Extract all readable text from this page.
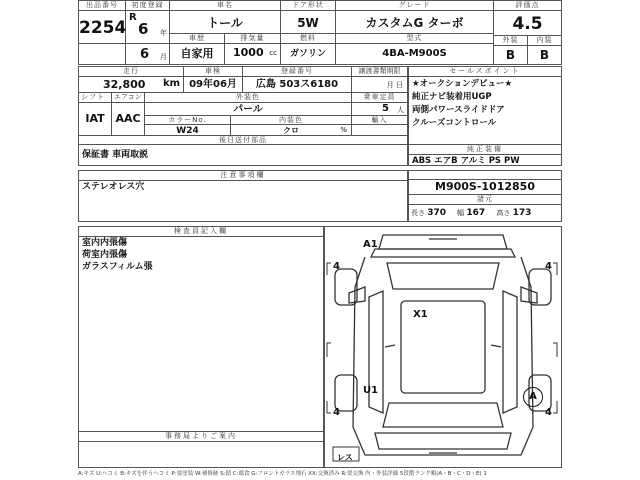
出品番号
2254
初度登録
R
6 年
車名
トール
ドア形状
5W
グレード
カスタムG ターボ
評価点
4.5
6 月
車歴
自家用
排気量
1000 cc
燃料
ガソリン
型式
4BA-M900S
外装
B
内装
B
走行
32,800 km
車検
09年06月
登録番号
広島 503ス6180
譲渡書類期限
月 日
シフト
IAT
エアコン
AAC
外装色
パール
乗車定員
5 人
カラーNo.
W24
内装色
クロ	%
輸入
後日送付部品
保証書 車両取説
セールスポイント
★オークションデビュー★
純正ナビ装着用UGP
両側パワースライドドア
クルーズコントロール
純正装備
ABS エアB アルミ PS PW
注意事項欄
ステレオレス穴	M900S-1012850
諸元
長さ 370 幅 167 高さ 173
検査員記入欄
室内内張傷
荷室内張傷
ガラスフィルム張
事務局よりご案内
4	4
4	4
A1
X1
U1
A
レス
A:キズ U:ヘコミ B:キズを伴うヘコミ P:要塗装 W:補修跡 S:錆 C:腐食 G:フロントガラス飛石 XX:交換済み R:要交換 内・外装評価 5段階ランク順(A・B・C・D・E) 1
